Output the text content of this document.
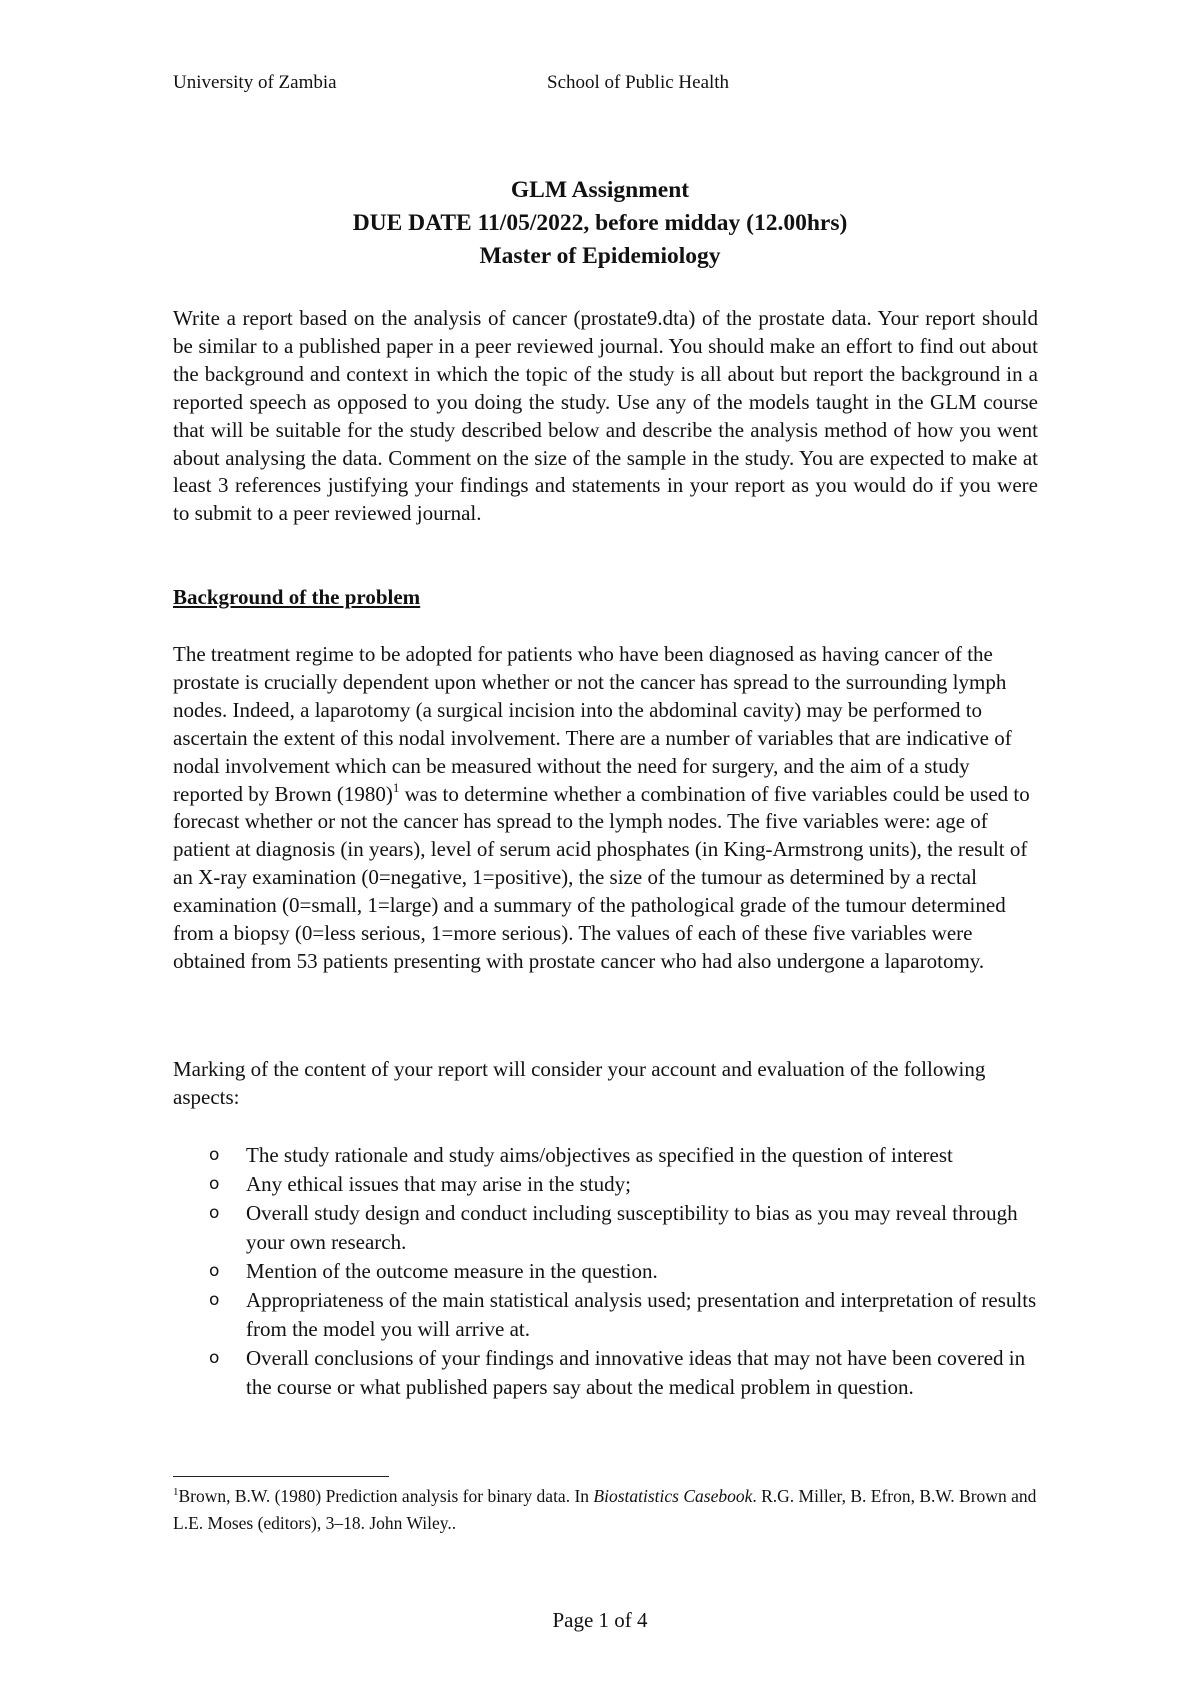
University of Zambia	School of Public Health
GLM Assignment
DUE DATE 11/05/2022, before midday (12.00hrs)
Master of Epidemiology

Write a report based on the analysis of cancer (prostate9.dta) of the prostate data. Your report should be similar to a published paper in a peer reviewed journal. You should make an effort to find out about the background and context in which the topic of the study is all about but report the background in a reported speech as opposed to you doing the study. Use any of the models taught in the GLM course that will be suitable for the study described below and describe the analysis method of how you went about analysing the data. Comment on the size of the sample in the study. You are expected to make at least 3 references justifying your findings and statements in your report as you would do if you were to submit to a peer reviewed journal.

Background of the problem

The treatment regime to be adopted for patients who have been diagnosed as having cancer of the prostate is crucially dependent upon whether or not the cancer has spread to the surrounding lymph nodes. Indeed, a laparotomy (a surgical incision into the abdominal cavity) may be performed to ascertain the extent of this nodal involvement. There are a number of variables that are indicative of nodal involvement which can be measured without the need for surgery, and the aim of a study reported by Brown $(1980)^1$ was to determine whether a combination of five variables could be used to forecast whether or not the cancer has spread to the lymph nodes. The five variables were: age of patient at diagnosis (in years), level of serum acid phosphates (in King-Armstrong units), the result of an X-ray examination (0=negative, 1=positive), the size of the tumour as determined by a rectal examination (0=small, 1=large) and a summary of the pathological grade of the tumour determined from a biopsy (0=less serious, 1=more serious). The values of each of these five variables were obtained from 53 patients presenting with prostate cancer who had also undergone a laparotomy.

Marking of the content of your report will consider your account and evaluation of the following aspects:

o The study rationale and study aims/objectives as specified in the question of interest
o Any ethical issues that may arise in the study;
o Overall study design and conduct including susceptibility to bias as you may reveal through your own research.
o Mention of the outcome measure in the question.
o Appropriateness of the main statistical analysis used; presentation and interpretation of results from the model you will arrive at.
o Overall conclusions of your findings and innovative ideas that may not have been covered in the course or what published papers say about the medical problem in question.
$^1$Brown, B.W. (1980) Prediction analysis for binary data. In Biostatistics Casebook. R.G. Miller, B. Efron, B.W. Brown and L.E. Moses (editors), 3–18. John Wiley..
Page 1 of 4
